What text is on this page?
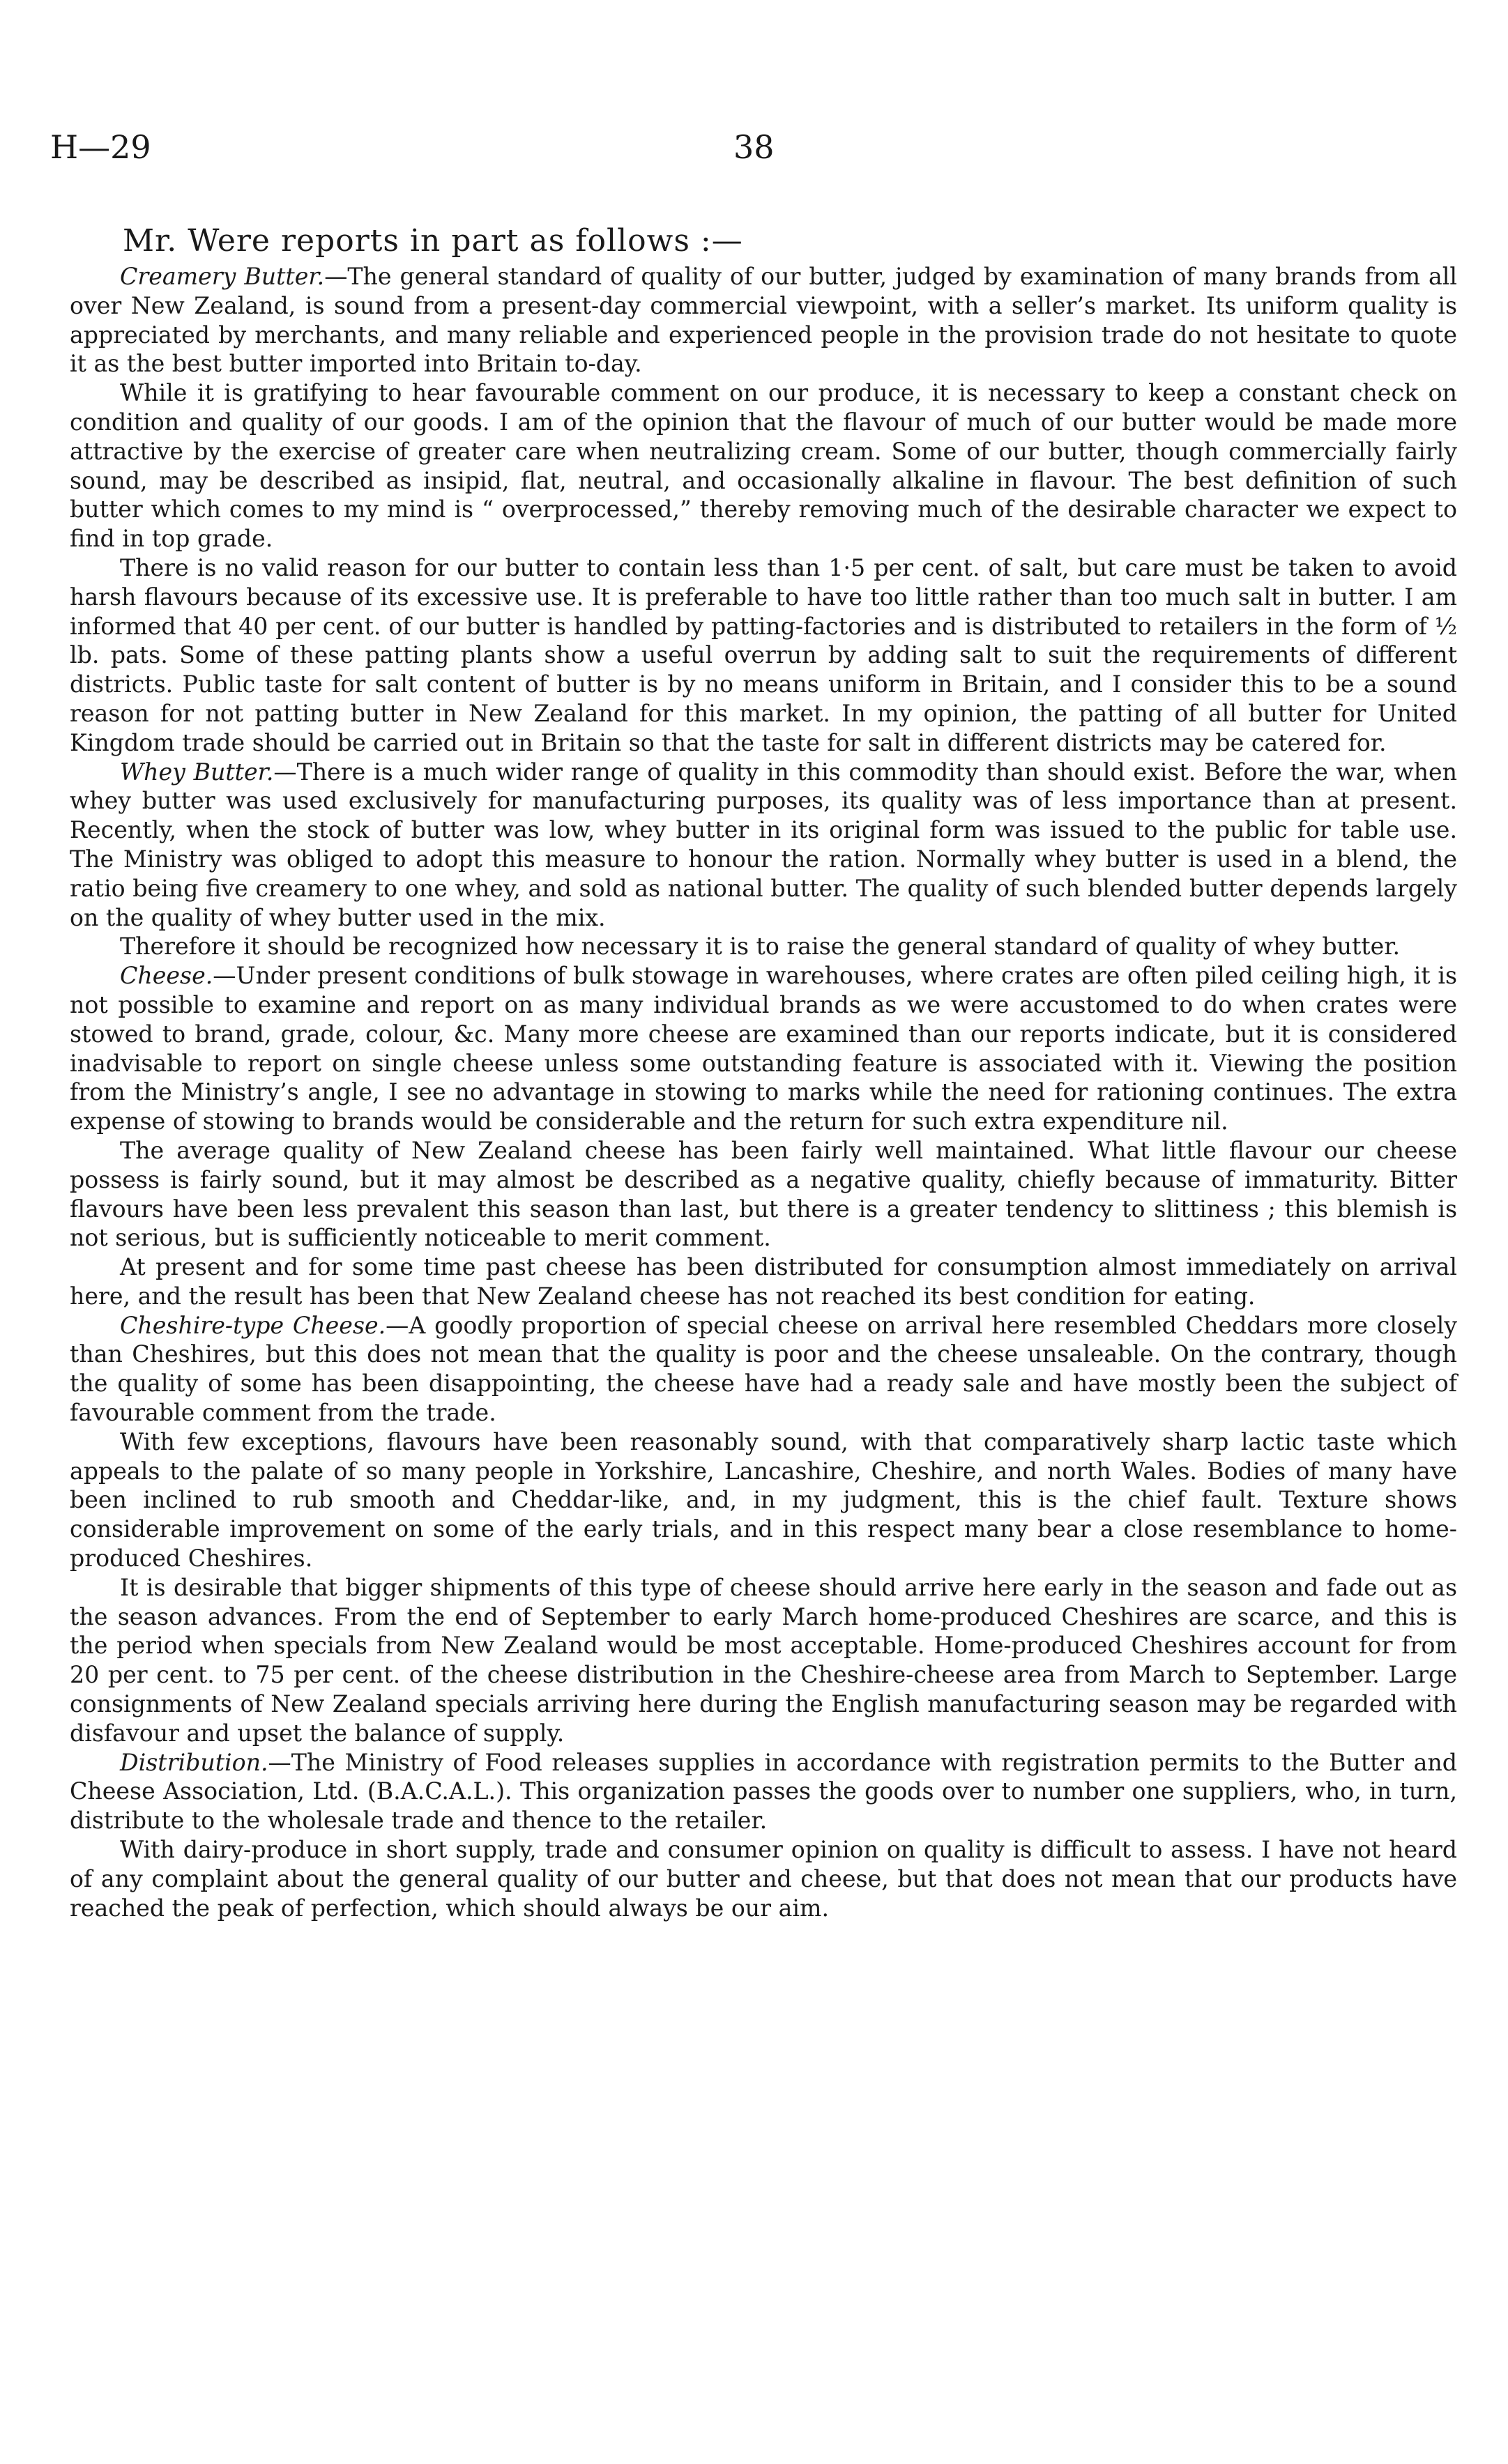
H—29	38
Mr. Were reports in part as follows :—

Creamery Butter.—The general standard of quality of our butter, judged by examination of many brands from all over New Zealand, is sound from a present-day commercial viewpoint, with a seller’s market. Its uniform quality is appreciated by merchants, and many reliable and experienced people in the provision trade do not hesitate to quote it as the best butter imported into Britain to-day.

While it is gratifying to hear favourable comment on our produce, it is necessary to keep a constant check on condition and quality of our goods. I am of the opinion that the flavour of much of our butter would be made more attractive by the exercise of greater care when neutralizing cream. Some of our butter, though commercially fairly sound, may be described as insipid, flat, neutral, and occasionally alkaline in flavour. The best definition of such butter which comes to my mind is “ overprocessed,” thereby removing much of the desirable character we expect to find in top grade.

There is no valid reason for our butter to contain less than 1·5 per cent. of salt, but care must be taken to avoid harsh flavours because of its excessive use. It is preferable to have too little rather than too much salt in butter. I am informed that 40 per cent. of our butter is handled by patting-factories and is distributed to retailers in the form of ½ lb. pats. Some of these patting plants show a useful overrun by adding salt to suit the requirements of different districts. Public taste for salt content of butter is by no means uniform in Britain, and I consider this to be a sound reason for not patting butter in New Zealand for this market. In my opinion, the patting of all butter for United Kingdom trade should be carried out in Britain so that the taste for salt in different districts may be catered for.

Whey Butter.—There is a much wider range of quality in this commodity than should exist. Before the war, when whey butter was used exclusively for manufacturing purposes, its quality was of less importance than at present. Recently, when the stock of butter was low, whey butter in its original form was issued to the public for table use. The Ministry was obliged to adopt this measure to honour the ration. Normally whey butter is used in a blend, the ratio being five creamery to one whey, and sold as national butter. The quality of such blended butter depends largely on the quality of whey butter used in the mix.

Therefore it should be recognized how necessary it is to raise the general standard of quality of whey butter.

Cheese.—Under present conditions of bulk stowage in warehouses, where crates are often piled ceiling high, it is not possible to examine and report on as many individual brands as we were accustomed to do when crates were stowed to brand, grade, colour, &c. Many more cheese are examined than our reports indicate, but it is considered inadvisable to report on single cheese unless some outstanding feature is associated with it. Viewing the position from the Ministry’s angle, I see no advantage in stowing to marks while the need for rationing continues. The extra expense of stowing to brands would be considerable and the return for such extra expenditure nil.

The average quality of New Zealand cheese has been fairly well maintained. What little flavour our cheese possess is fairly sound, but it may almost be described as a negative quality, chiefly because of immaturity. Bitter flavours have been less prevalent this season than last, but there is a greater tendency to slittiness ; this blemish is not serious, but is sufficiently noticeable to merit comment.

At present and for some time past cheese has been distributed for consumption almost immediately on arrival here, and the result has been that New Zealand cheese has not reached its best condition for eating.

Cheshire-type Cheese.—A goodly proportion of special cheese on arrival here resembled Cheddars more closely than Cheshires, but this does not mean that the quality is poor and the cheese unsaleable. On the contrary, though the quality of some has been disappointing, the cheese have had a ready sale and have mostly been the subject of favourable comment from the trade.

With few exceptions, flavours have been reasonably sound, with that comparatively sharp lactic taste which appeals to the palate of so many people in Yorkshire, Lancashire, Cheshire, and north Wales. Bodies of many have been inclined to rub smooth and Cheddar-like, and, in my judgment, this is the chief fault. Texture shows considerable improvement on some of the early trials, and in this respect many bear a close resemblance to home-produced Cheshires.

It is desirable that bigger shipments of this type of cheese should arrive here early in the season and fade out as the season advances. From the end of September to early March home-produced Cheshires are scarce, and this is the period when specials from New Zealand would be most acceptable. Home-produced Cheshires account for from 20 per cent. to 75 per cent. of the cheese distribution in the Cheshire-cheese area from March to September. Large consignments of New Zealand specials arriving here during the English manufacturing season may be regarded with disfavour and upset the balance of supply.

Distribution.—The Ministry of Food releases supplies in accordance with registration permits to the Butter and Cheese Association, Ltd. (B.A.C.A.L.). This organization passes the goods over to number one suppliers, who, in turn, distribute to the wholesale trade and thence to the retailer.

With dairy-produce in short supply, trade and consumer opinion on quality is difficult to assess. I have not heard of any complaint about the general quality of our butter and cheese, but that does not mean that our products have reached the peak of perfection, which should always be our aim.
